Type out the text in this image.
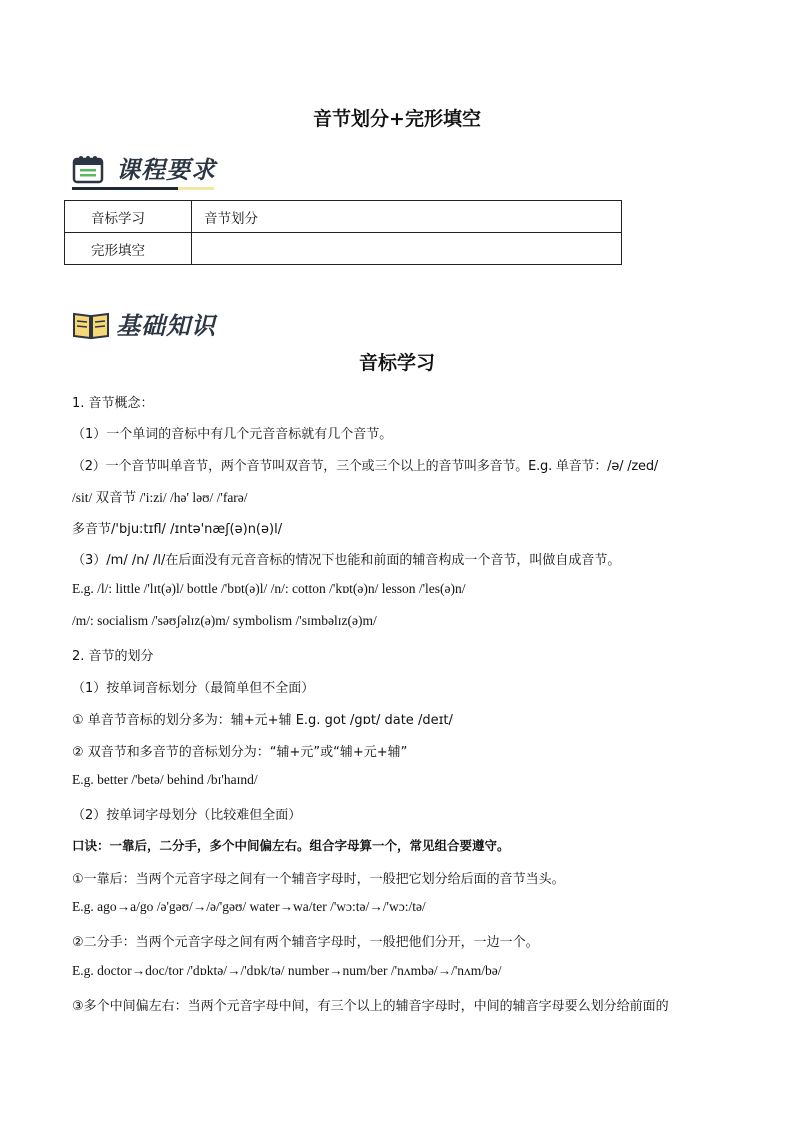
音节划分+完形填空
课程要求
音标学习	音节划分
完形填空	
基础知识
音标学习
1. 音节概念：
（1）一个单词的音标中有几个元音音标就有几个音节。
（2）一个音节叫单音节，两个音节叫双音节，三个或三个以上的音节叫多音节。E.g. 单音节：/ə/ /zed/
/sit/ 双音节 /'i:zi/ /hə' ləʊ/ /'farə/
多音节/'bju:tɪfl/ /ɪntə'næʃ(ə)n(ə)l/
（3）/m/ /n/ /l/在后面没有元音音标的情况下也能和前面的辅音构成一个音节，叫做自成音节。
E.g. /l/: little /'lɪt(ə)l/ bottle /'bɒt(ə)l/ /n/: cotton /'kɒt(ə)n/ lesson /'les(ə)n/
/m/: socialism /'səʊʃəlɪz(ə)m/ symbolism /'sɪmbəlɪz(ə)m/
2. 音节的划分
（1）按单词音标划分（最简单但不全面）
① 单音节音标的划分多为：辅+元+辅 E.g. got /gɒt/ date /deɪt/
② 双音节和多音节的音标划分为：“辅+元”或“辅+元+辅”
E.g. better /'betə/ behind /bɪ'haɪnd/
（2）按单词字母划分（比较难但全面）
口诀：一靠后，二分手，多个中间偏左右。组合字母算一个，常见组合要遵守。
①一靠后：当两个元音字母之间有一个辅音字母时，一般把它划分给后面的音节当头。
E.g. ago→a/go /ə'gəʊ/→/ə/'gəʊ/ water→wa/ter /'wɔ:tə/→/'wɔ:/tə/
②二分手：当两个元音字母之间有两个辅音字母时，一般把他们分开，一边一个。
E.g. doctor→doc/tor /'dɒktə/→/'dɒk/tə/ number→num/ber /'nʌmbə/→/'nʌm/bə/
③多个中间偏左右：当两个元音字母中间，有三个以上的辅音字母时，中间的辅音字母要么划分给前面的
